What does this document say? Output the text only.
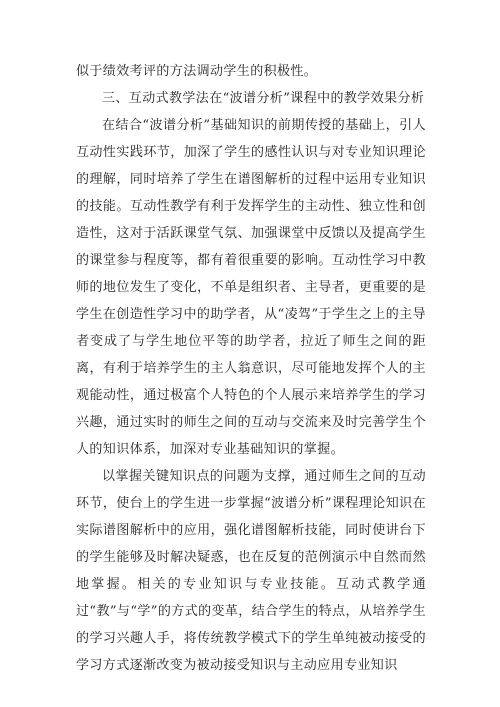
似于绩效考评的方法调动学生的积极性。

三、互动式教学法在“波谱分析”课程中的教学效果分析

在结合“波谱分析”基础知识的前期传授的基础上，引人互动性实践环节，加深了学生的感性认识与对专业知识理论的理解，同时培养了学生在谱图解析的过程中运用专业知识的技能。互动性教学有利于发挥学生的主动性、独立性和创造性，这对于活跃课堂气氛、加强课堂中反馈以及提高学生的课堂参与程度等，都有着很重要的影响。互动性学习中教师的地位发生了变化，不单是组织者、主导者，更重要的是学生在创造性学习中的助学者，从“凌驾”于学生之上的主导者变成了与学生地位平等的助学者，拉近了师生之间的距离，有利于培养学生的主人翁意识，尽可能地发挥个人的主观能动性，通过极富个人特色的个人展示来培养学生的学习兴趣，通过实时的师生之间的互动与交流来及时完善学生个人的知识体系，加深对专业基础知识的掌握。

以掌握关键知识点的问题为支撑，通过师生之间的互动环节，使台上的学生进一步掌握“波谱分析”课程理论知识在实际谱图解析中的应用，强化谱图解析技能，同时使讲台下的学生能够及时解决疑惑，也在反复的范例演示中自然而然地掌握。相关的专业知识与专业技能。互动式教学通过“教”与“学”的方式的变革，结合学生的特点，从培养学生的学习兴趣人手，将传统教学模式下的学生单纯被动接受的学习方式逐渐改变为被动接受知识与主动应用专业知识
